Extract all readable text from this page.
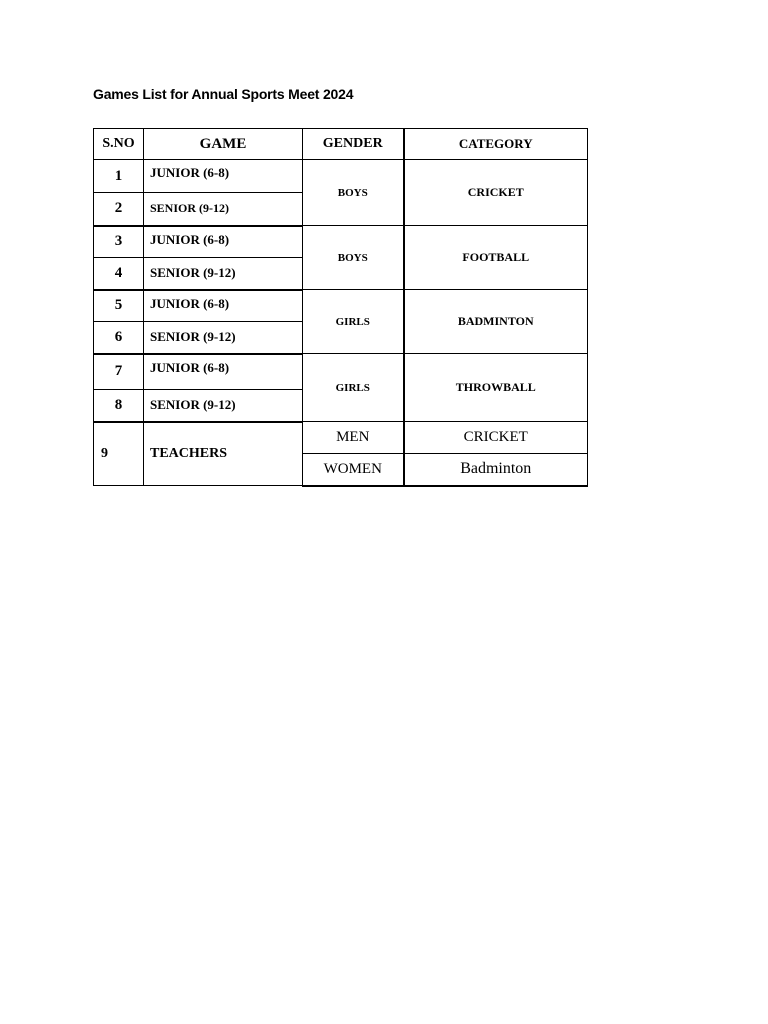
Games List for Annual Sports Meet 2024
S.NO	GAME	GENDER	CATEGORY
1	JUNIOR (6-8)	BOYS	CRICKET
2	SENIOR (9-12)		
3	JUNIOR (6-8)	BOYS	FOOTBALL
4	SENIOR (9-12)		
5	JUNIOR (6-8)	GIRLS	BADMINTON
6	SENIOR (9-12)		
7	JUNIOR (6-8)	GIRLS	THROWBALL
8	SENIOR (9-12)		
9	TEACHERS	MEN	CRICKET
		WOMEN	Badminton
